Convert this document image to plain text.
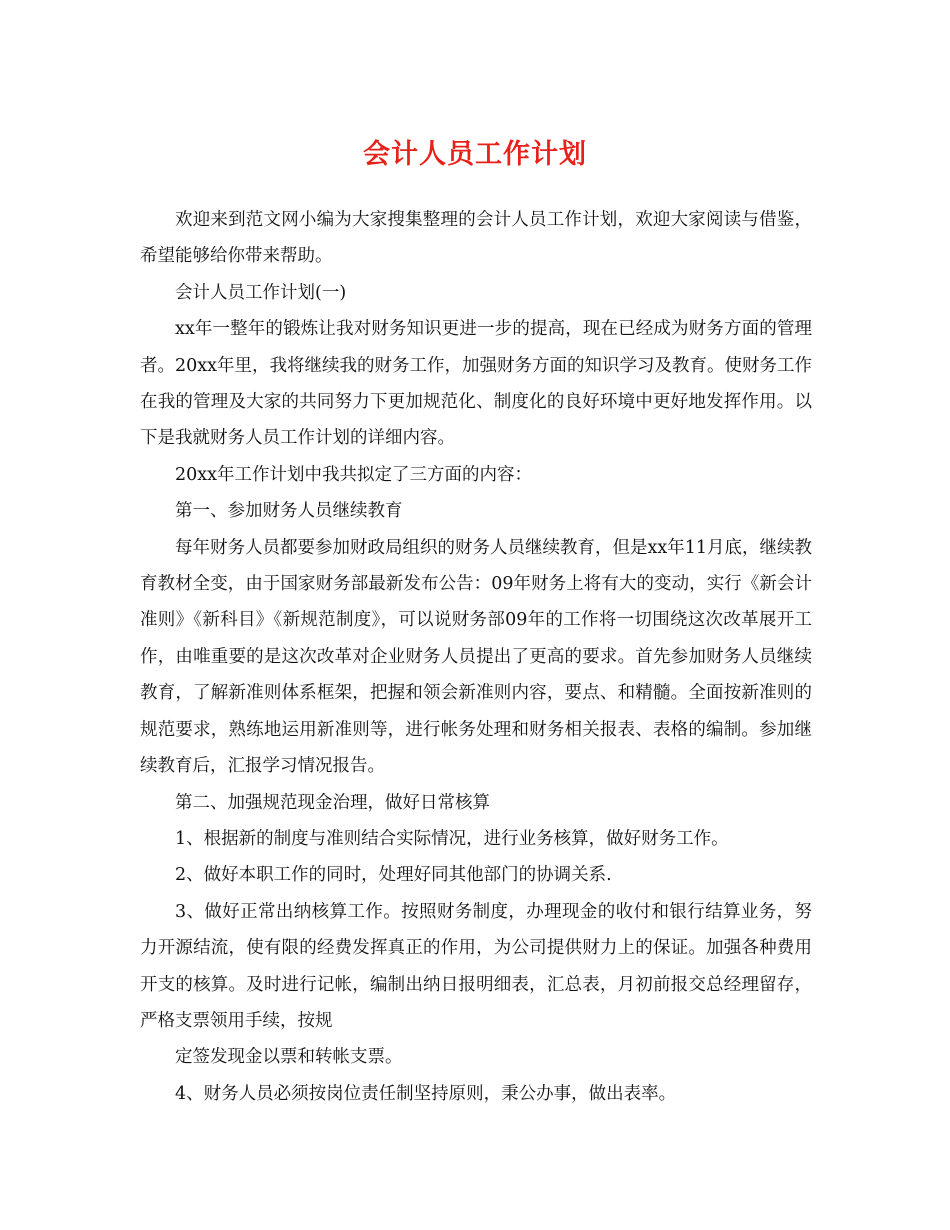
会计人员工作计划

欢迎来到范文网小编为大家搜集整理的会计人员工作计划，欢迎大家阅读与借鉴，希望能够给你带来帮助。

会计人员工作计划(一)

xx年一整年的锻炼让我对财务知识更进一步的提高，现在已经成为财务方面的管理者。20xx年里，我将继续我的财务工作，加强财务方面的知识学习及教育。使财务工作在我的管理及大家的共同努力下更加规范化、制度化的良好环境中更好地发挥作用。以下是我就财务人员工作计划的详细内容。

20xx年工作计划中我共拟定了三方面的内容：

第一、参加财务人员继续教育

每年财务人员都要参加财政局组织的财务人员继续教育，但是xx年11月底，继续教育教材全变，由于国家财务部最新发布公告：09年财务上将有大的变动，实行《新会计准则》《新科目》《新规范制度》，可以说财务部09年的工作将一切围绕这次改革展开工作，由唯重要的是这次改革对企业财务人员提出了更高的要求。首先参加财务人员继续教育，了解新准则体系框架，把握和领会新准则内容，要点、和精髓。全面按新准则的规范要求，熟练地运用新准则等，进行帐务处理和财务相关报表、表格的编制。参加继续教育后，汇报学习情况报告。

第二、加强规范现金治理，做好日常核算

1、根据新的制度与准则结合实际情况，进行业务核算，做好财务工作。

2、做好本职工作的同时，处理好同其他部门的协调关系.

3、做好正常出纳核算工作。按照财务制度，办理现金的收付和银行结算业务，努力开源结流，使有限的经费发挥真正的作用，为公司提供财力上的保证。加强各种费用开支的核算。及时进行记帐，编制出纳日报明细表，汇总表，月初前报交总经理留存，严格支票领用手续，按规

定签发现金以票和转帐支票。

4、财务人员必须按岗位责任制坚持原则，秉公办事，做出表率。
